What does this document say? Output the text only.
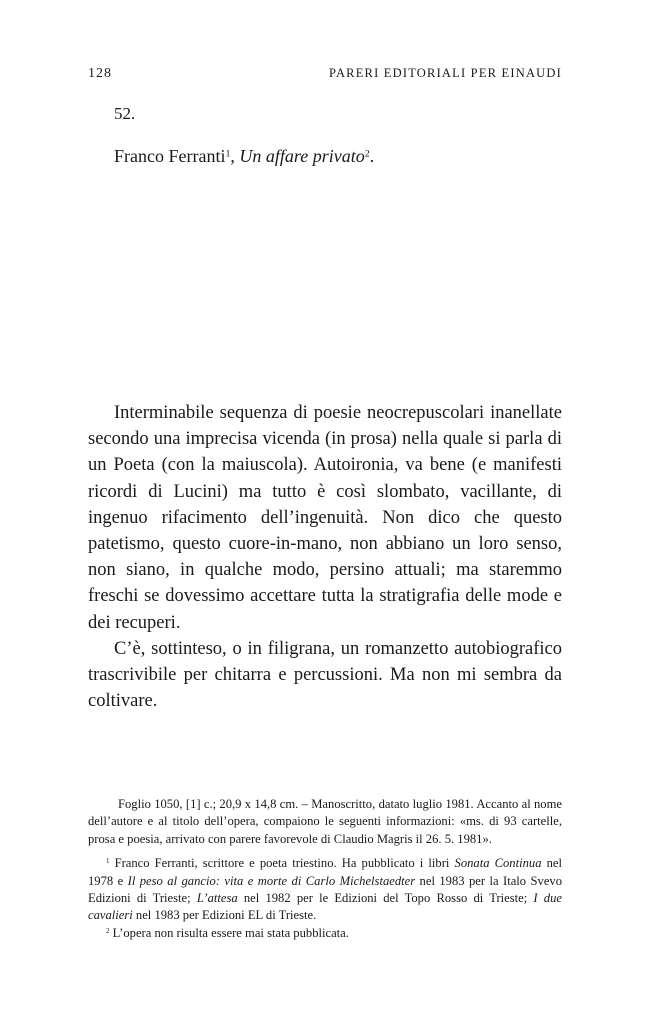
128	PARERI EDITORIALI PER EINAUDI
52.
Franco Ferranti$^1$, Un affare privato$^2$.

Interminabile sequenza di poesie neocrepuscolari inanellate secondo una imprecisa vicenda (in prosa) nella quale si parla di un Poeta (con la maiuscola). Autoironia, va bene (e manifesti ricordi di Lucini) ma tutto è così slombato, vacillante, di ingenuo rifacimento dell’ingenuità. Non dico che questo patetismo, questo cuore-in-mano, non abbiano un loro senso, non siano, in qualche modo, persino attuali; ma staremmo freschi se dovessimo accettare tutta la stratigrafia delle mode e dei recuperi.

C’è, sottinteso, o in filigrana, un romanzetto autobiografico trascrivibile per chitarra e percussioni. Ma non mi sembra da coltivare.

Foglio 1050, [1] c.; 20,9 x 14,8 cm. – Manoscritto, datato luglio 1981. Accanto al nome dell’autore e al titolo dell’opera, compaiono le seguenti informazioni: «ms. di 93 cartelle, prosa e poesia, arrivato con parere favorevole di Claudio Magris il 26. 5. 1981».

$^1$ Franco Ferranti, scrittore e poeta triestino. Ha pubblicato i libri Sonata Continua nel 1978 e Il peso al gancio: vita e morte di Carlo Michelstaedter nel 1983 per la Italo Svevo Edizioni di Trieste; L’attesa nel 1982 per le Edizioni del Topo Rosso di Trieste; I due cavalieri nel 1983 per Edizioni EL di Trieste.

$^2$ L’opera non risulta essere mai stata pubblicata.
